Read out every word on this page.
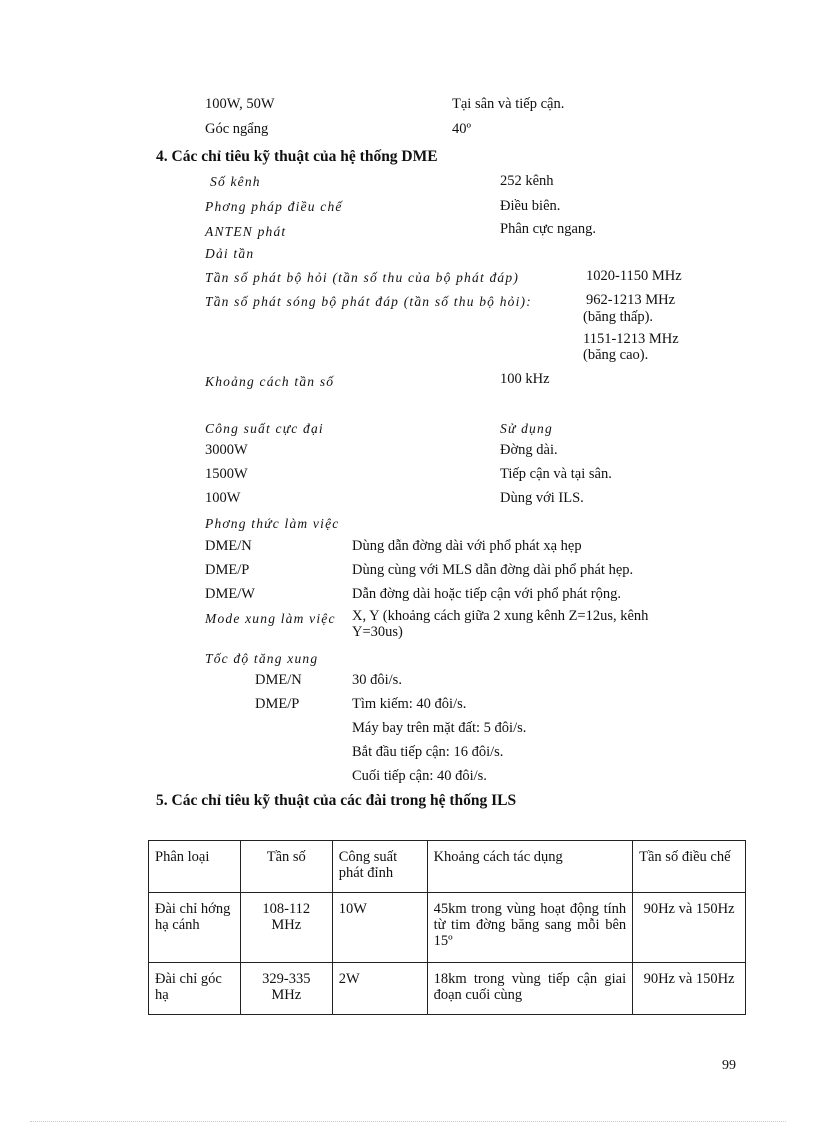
100W, 50W	Tại sân và tiếp cận.
Góc ngẩng	40º
4. Các chỉ tiêu kỹ thuật của hệ thống DME
Số kênh	252 kênh
Phơng pháp điều chế	Điều biên.
ANTEN phát	Phân cực ngang.
Dải tần
Tần số phát bộ hỏi (tần số thu của bộ phát đáp)	1020-1150 MHz
Tần số phát sóng bộ phát đáp (tần số thu bộ hỏi):	962-1213 MHz
(băng thấp).
1151-1213 MHz
(băng cao).
Khoảng cách tần số	100 kHz
Công suất cực đại	Sử dụng
3000W	Đờng dài.
1500W	Tiếp cận và tại sân.
100W	Dùng với ILS.
Phơng thức làm việc
DME/N	Dùng dẫn đờng dài với phổ phát xạ hẹp
DME/P	Dùng cùng với MLS dẫn đờng dài phổ phát hẹp.
DME/W	Dẫn đờng dài hoặc tiếp cận với phổ phát rộng.
Mode xung làm việc X, Y (khoảng cách giữa 2 xung kênh Z=12us, kênh
Y=30us)
Tốc độ tăng xung
DME/N	30 đôi/s.
DME/P	Tìm kiếm: 40 đôi/s.
Máy bay trên mặt đất: 5 đôi/s.
Bắt đầu tiếp cận: 16 đôi/s.
Cuối tiếp cận: 40 đôi/s.
5. Các chỉ tiêu kỹ thuật của các đài trong hệ thống ILS
Phân loại	Tần số	Công suất phát đỉnh	Khoảng cách tác dụng	Tần số điều chế
Đài chỉ hớng hạ cánh	108-112 MHz	10W	45km trong vùng hoạt động tính từ tim đờng băng sang mỗi bên 15º	90Hz và 150Hz
Đài chỉ góc hạ	329-335 MHz	2W	18km trong vùng tiếp cận giai đoạn cuối cùng	90Hz và 150Hz
99
